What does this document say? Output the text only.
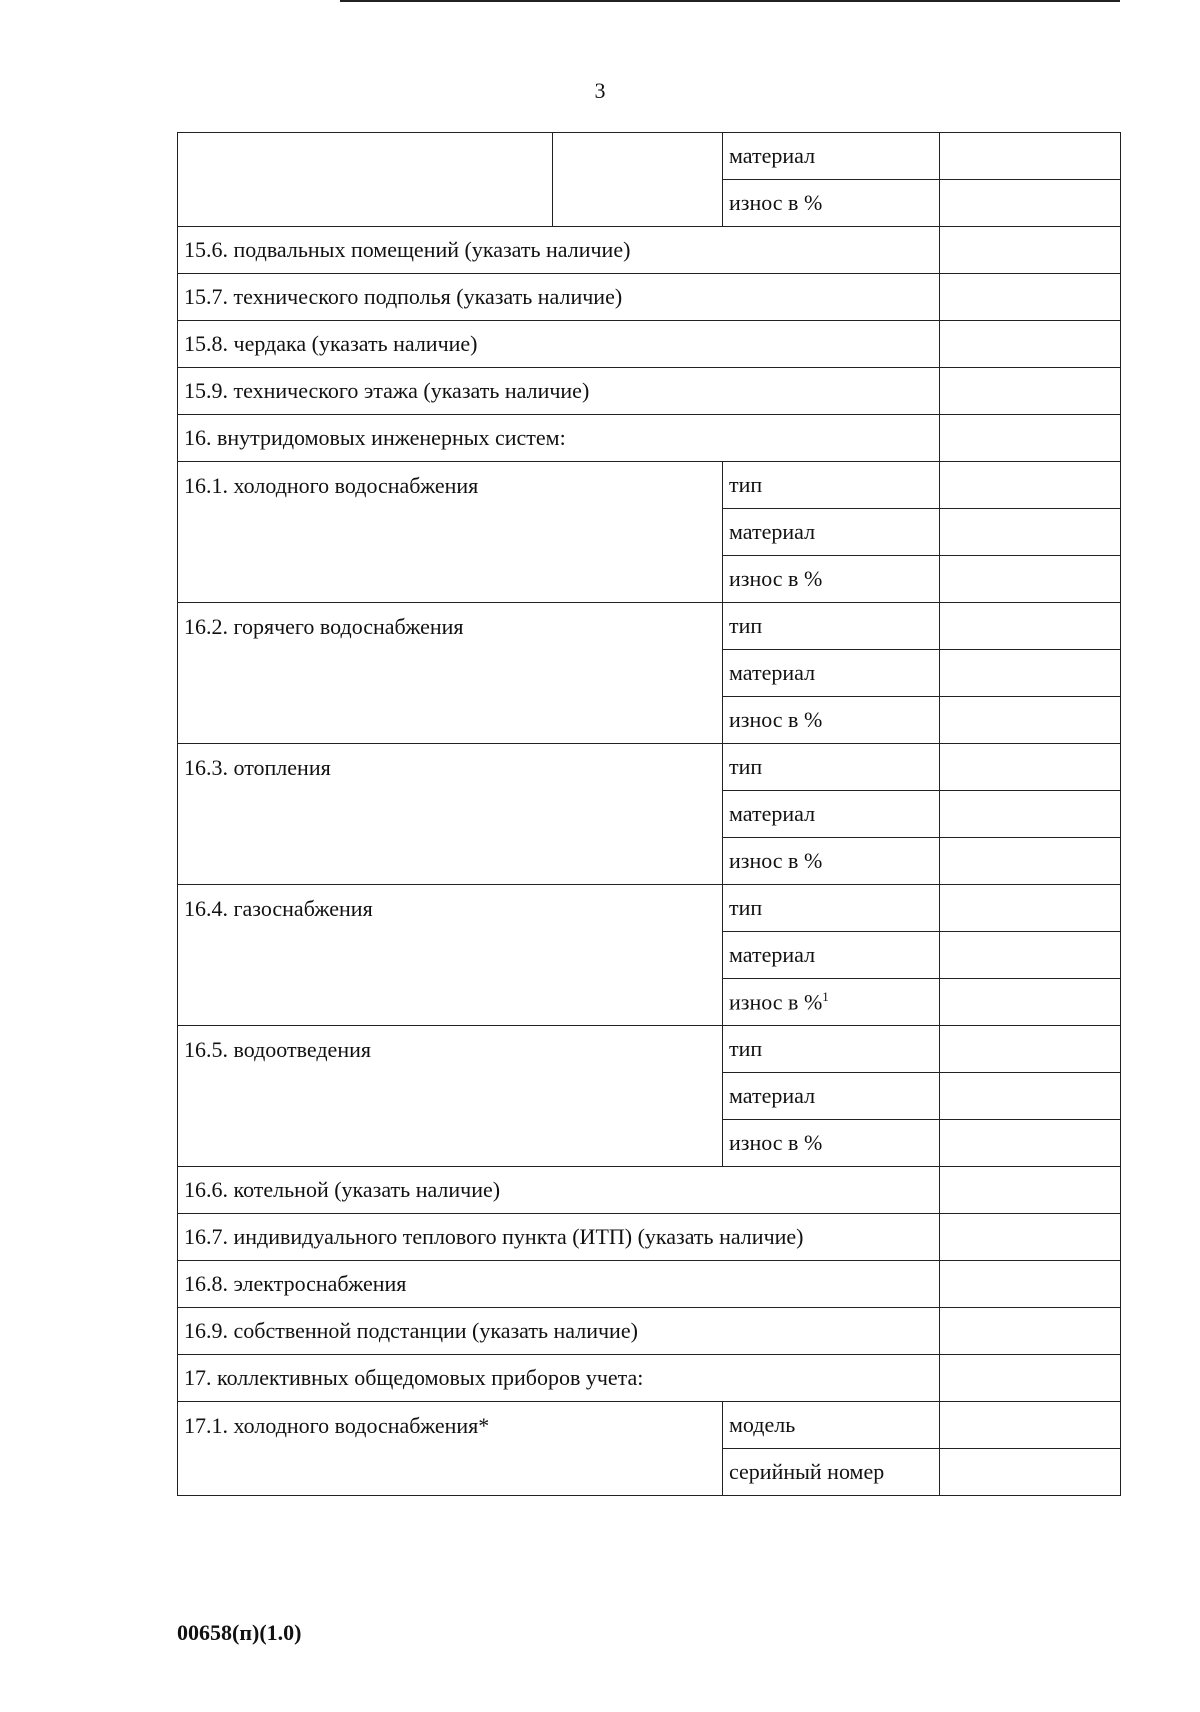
3
		материал	
		износ в %	
15.6. подвальных помещений (указать наличие)			
15.7. технического подполья (указать наличие)			
15.8. чердака (указать наличие)			
15.9. технического этажа (указать наличие)			
16. внутридомовых инженерных систем:			
16.1. холодного водоснабжения		тип	
		материал	
		износ в %	
16.2. горячего водоснабжения		тип	
		материал	
		износ в %	
16.3. отопления		тип	
		материал	
		износ в %	
16.4. газоснабжения		тип	
		материал	
		износ в %$^1$	
16.5. водоотведения		тип	
		материал	
		износ в %	
16.6. котельной (указать наличие)			
16.7. индивидуального теплового пункта (ИТП) (указать наличие)			
16.8. электроснабжения			
16.9. собственной подстанции (указать наличие)			
17. коллективных общедомовых приборов учета:			
17.1. холодного водоснабжения*		модель	
		серийный номер	
00658(п)(1.0)
